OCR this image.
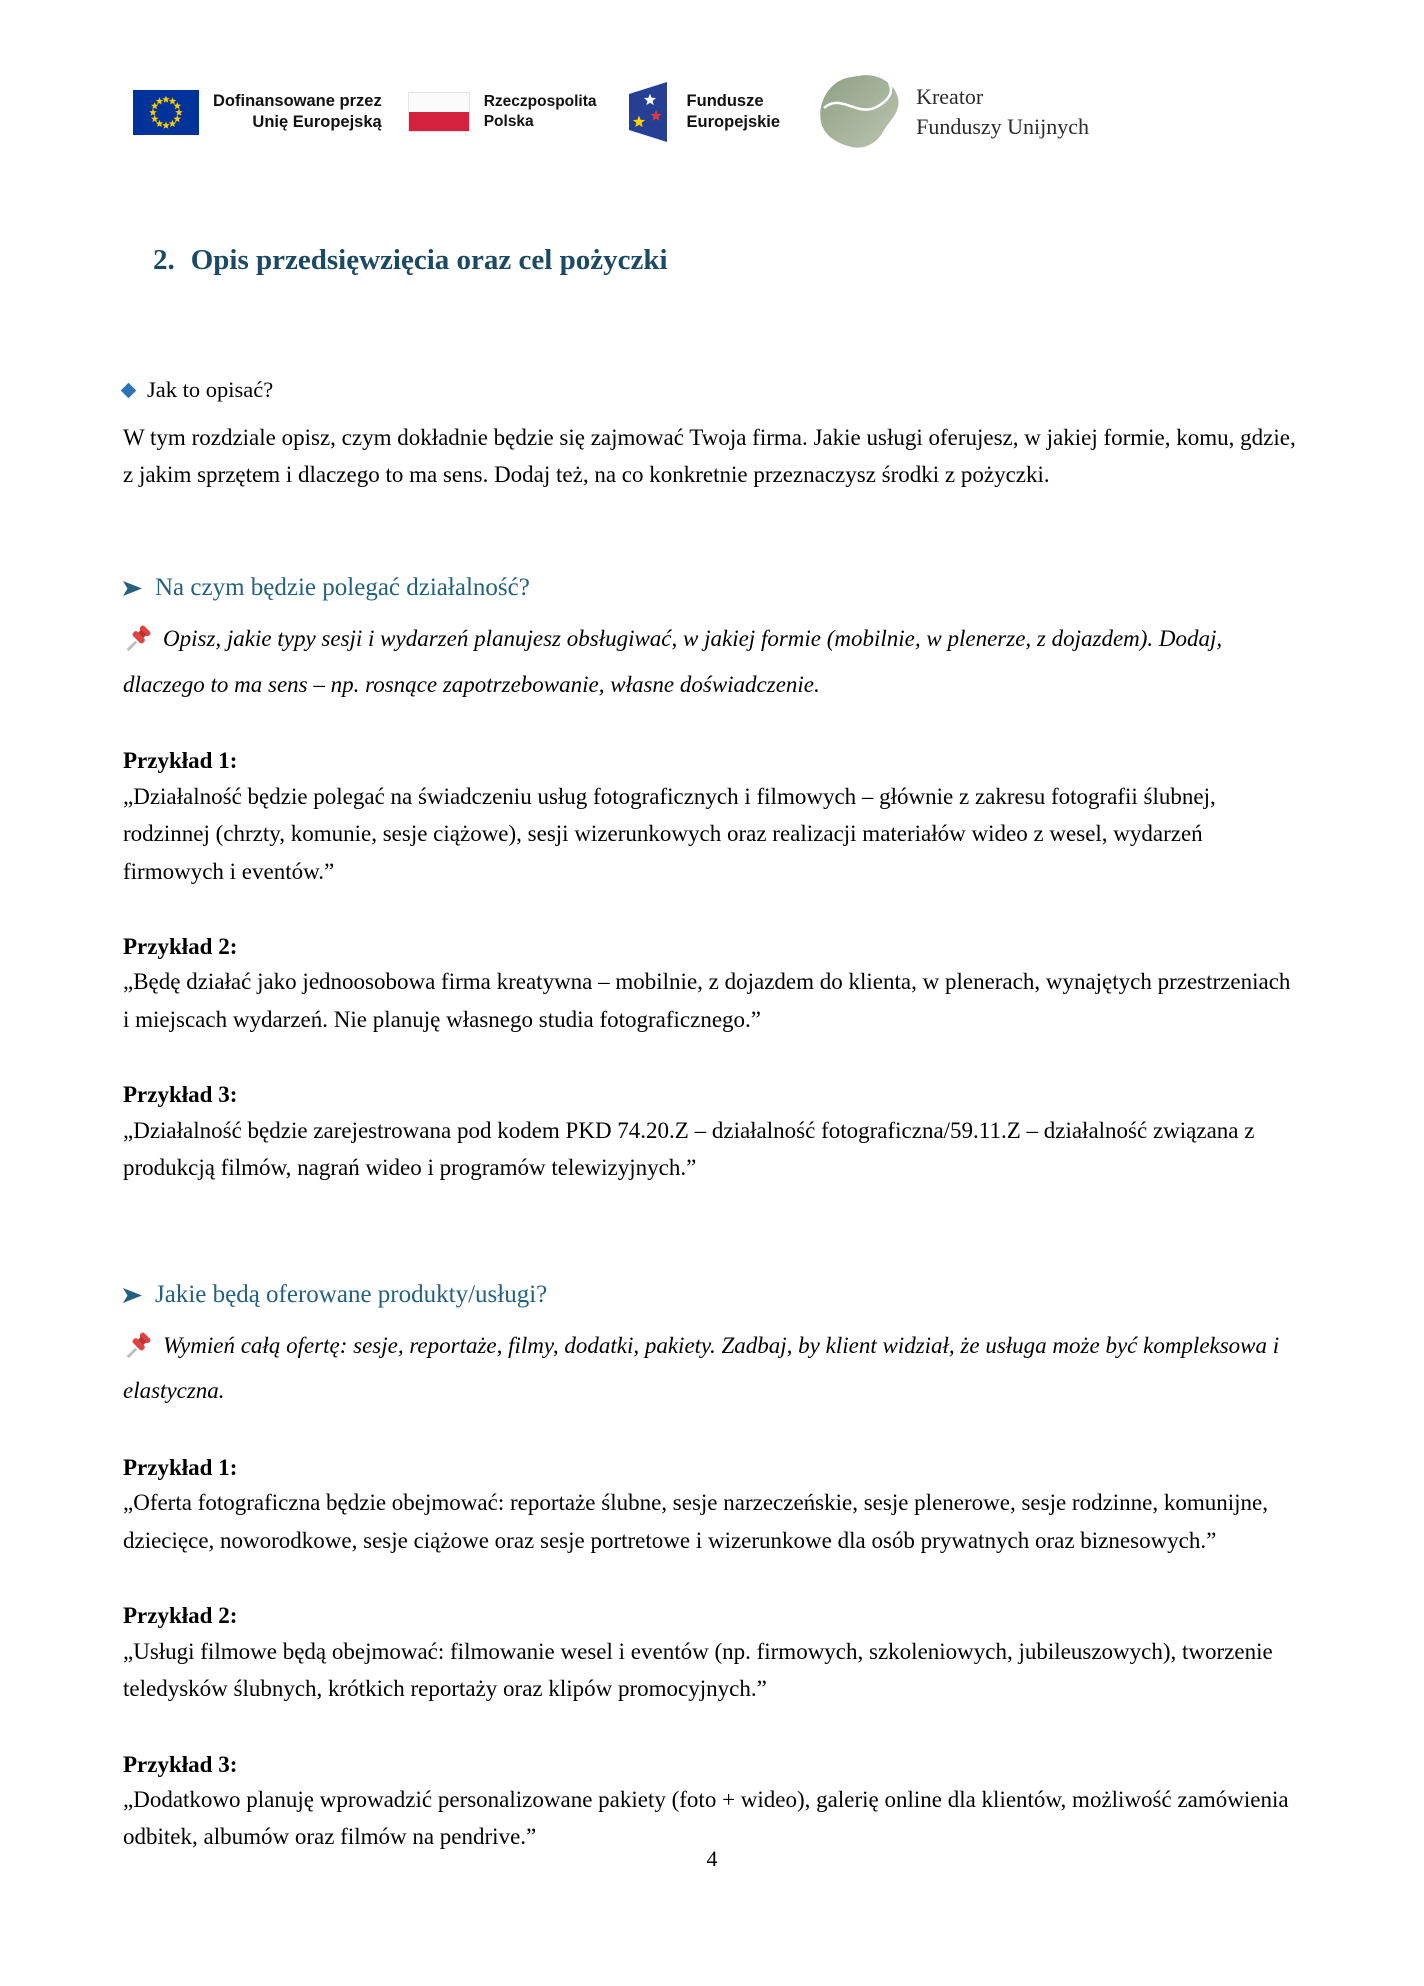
Dofinansowane przez
Unię Europejską
Rzeczpospolita
Polska
Fundusze
Europejskie
Kreator
Funduszy Unijnych
2. Opis przedsięwzięcia oraz cel pożyczki
Jak to opisać?

W tym rozdziale opisz, czym dokładnie będzie się zajmować Twoja firma. Jakie usługi oferujesz, w jakiej formie, komu, gdzie, z jakim sprzętem i dlaczego to ma sens. Dodaj też, na co konkretnie przeznaczysz środki z pożyczki.

Na czym będzie polegać działalność?

Opisz, jakie typy sesji i wydarzeń planujesz obsługiwać, w jakiej formie (mobilnie, w plenerze, z dojazdem). Dodaj, dlaczego to ma sens – np. rosnące zapotrzebowanie, własne doświadczenie.

Przykład 1:
„Działalność będzie polegać na świadczeniu usług fotograficznych i filmowych – głównie z zakresu fotografii ślubnej, rodzinnej (chrzty, komunie, sesje ciążowe), sesji wizerunkowych oraz realizacji materiałów wideo z wesel, wydarzeń firmowych i eventów.”
Przykład 2:
„Będę działać jako jednoosobowa firma kreatywna – mobilnie, z dojazdem do klienta, w plenerach, wynajętych przestrzeniach i miejscach wydarzeń. Nie planuję własnego studia fotograficznego.”
Przykład 3:
„Działalność będzie zarejestrowana pod kodem PKD 74.20.Z – działalność fotograficzna/59.11.Z – działalność związana z produkcją filmów, nagrań wideo i programów telewizyjnych.”
Jakie będą oferowane produkty/usługi?

Wymień całą ofertę: sesje, reportaże, filmy, dodatki, pakiety. Zadbaj, by klient widział, że usługa może być kompleksowa i elastyczna.

Przykład 1:
„Oferta fotograficzna będzie obejmować: reportaże ślubne, sesje narzeczeńskie, sesje plenerowe, sesje rodzinne, komunijne, dziecięce, noworodkowe, sesje ciążowe oraz sesje portretowe i wizerunkowe dla osób prywatnych oraz biznesowych.”
Przykład 2:
„Usługi filmowe będą obejmować: filmowanie wesel i eventów (np. firmowych, szkoleniowych, jubileuszowych), tworzenie teledysków ślubnych, krótkich reportaży oraz klipów promocyjnych.”
Przykład 3:
„Dodatkowo planuję wprowadzić personalizowane pakiety (foto + wideo), galerię online dla klientów, możliwość zamówienia odbitek, albumów oraz filmów na pendrive.”
4
